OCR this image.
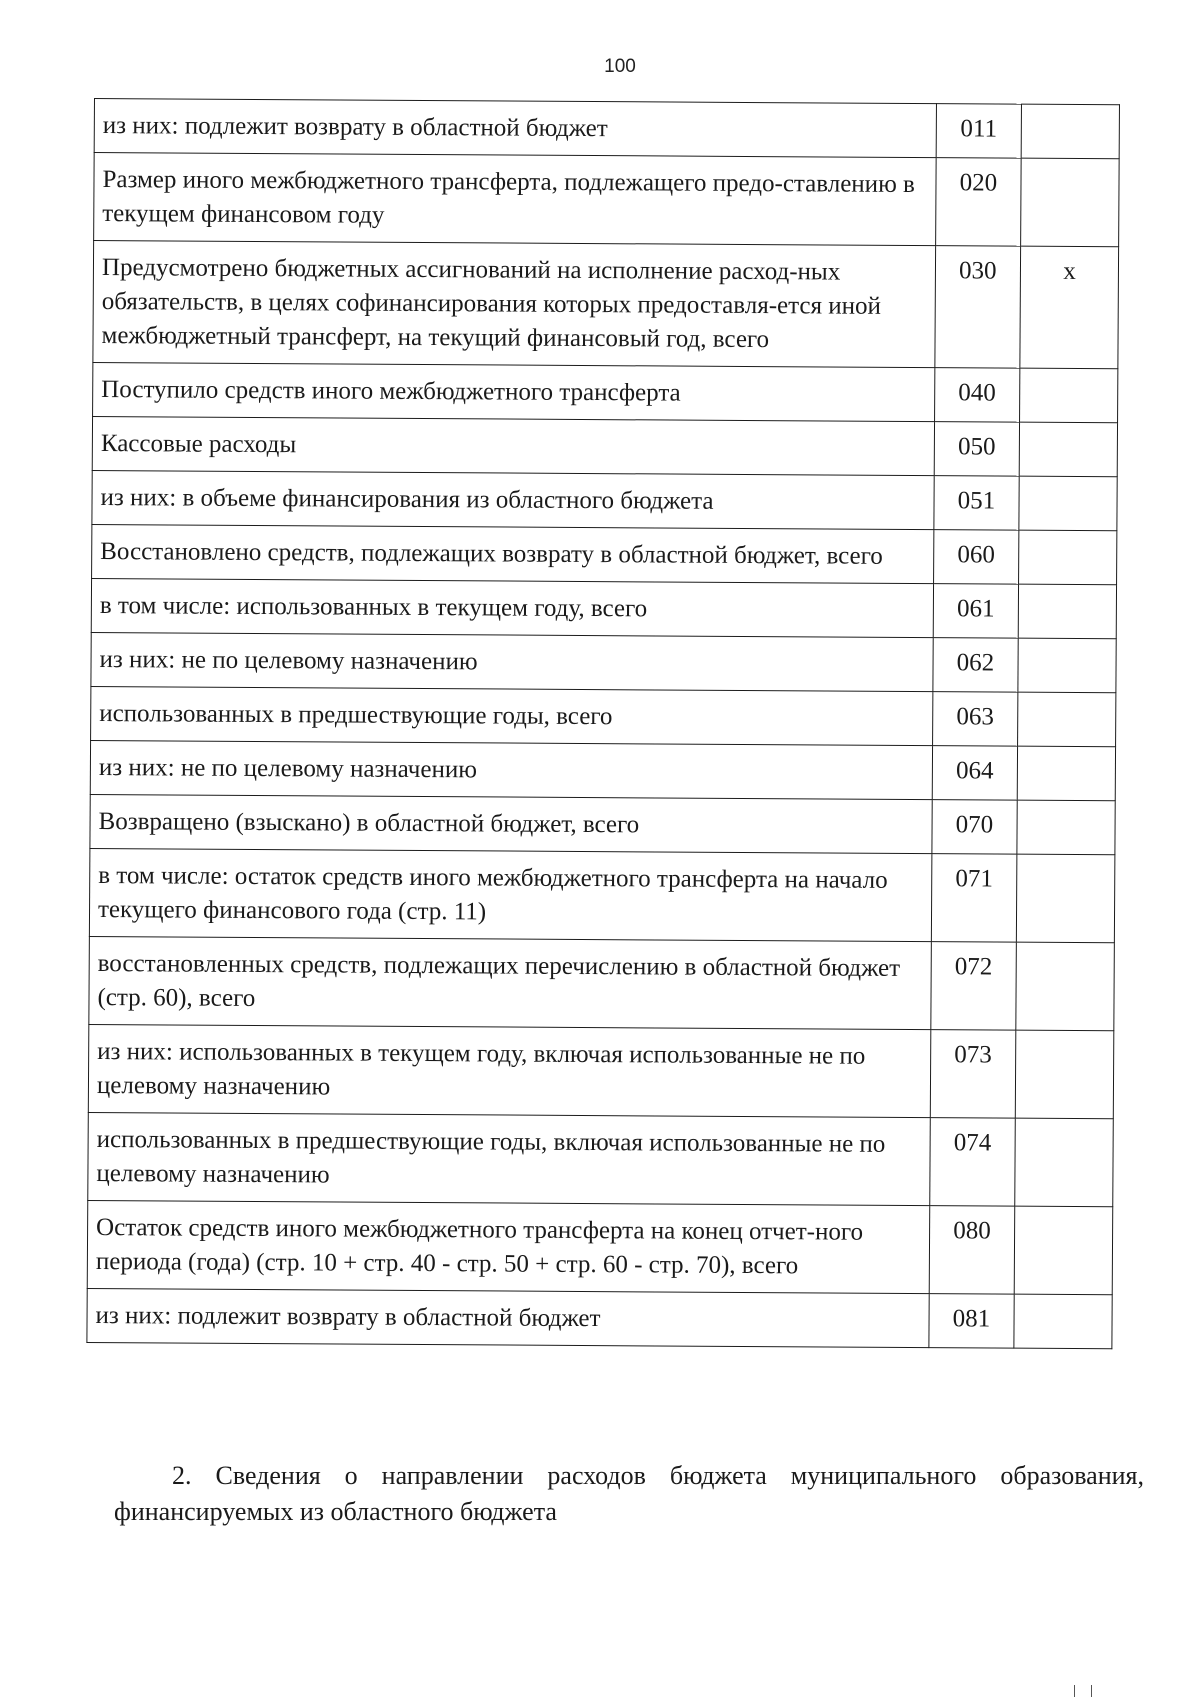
100
из них: подлежит возврату в областной бюджет	011	
Размер иного межбюджетного трансферта, подлежащего предо-ставлению в текущем финансовом году	020	
Предусмотрено бюджетных ассигнований на исполнение расход-ных обязательств, в целях софинансирования которых предоставля-ется иной межбюджетный трансферт, на текущий финансовый год, всего	030	x
Поступило средств иного межбюджетного трансферта	040	
Кассовые расходы	050	
из них: в объеме финансирования из областного бюджета	051	
Восстановлено средств, подлежащих возврату в областной бюджет, всего	060	
в том числе: использованных в текущем году, всего	061	
из них: не по целевому назначению	062	
использованных в предшествующие годы, всего	063	
из них: не по целевому назначению	064	
Возвращено (взыскано) в областной бюджет, всего	070	
в том числе: остаток средств иного межбюджетного трансферта на начало текущего финансового года (стр. 11)	071	
восстановленных средств, подлежащих перечислению в областной бюджет (стр. 60), всего	072	
из них: использованных в текущем году, включая использованные не по целевому назначению	073	
использованных в предшествующие годы, включая использованные не по целевому назначению	074	
Остаток средств иного межбюджетного трансферта на конец отчет-ного периода (года) (стр. 10 + стр. 40 - стр. 50 + стр. 60 - стр. 70), всего	080	
из них: подлежит возврату в областной бюджет	081	
2. Сведения о направлении расходов бюджета муниципального образования, финансируемых из областного бюджета
